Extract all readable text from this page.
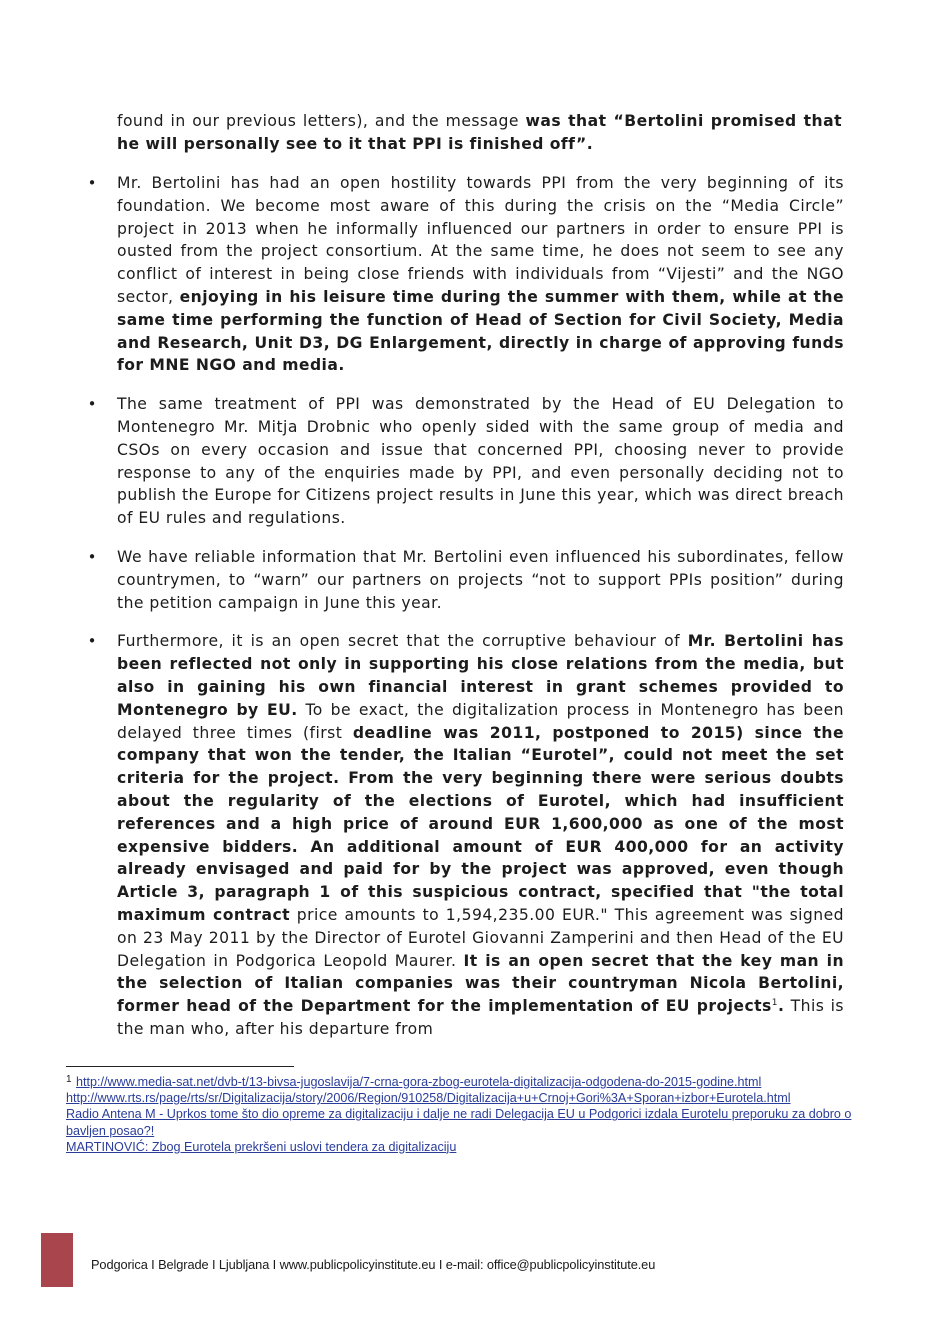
found in our previous letters), and the message was that “Bertolini promised that he will personally see to it that PPI is finished off”.

• Mr. Bertolini has had an open hostility towards PPI from the very beginning of its foundation. We become most aware of this during the crisis on the “Media Circle” project in 2013 when he informally influenced our partners in order to ensure PPI is ousted from the project consortium. At the same time, he does not seem to see any conflict of interest in being close friends with individuals from “Vijesti” and the NGO sector, enjoying in his leisure time during the summer with them, while at the same time performing the function of Head of Section for Civil Society, Media and Research, Unit D3, DG Enlargement, directly in charge of approving funds for MNE NGO and media.

• The same treatment of PPI was demonstrated by the Head of EU Delegation to Montenegro Mr. Mitja Drobnic who openly sided with the same group of media and CSOs on every occasion and issue that concerned PPI, choosing never to provide response to any of the enquiries made by PPI, and even personally deciding not to publish the Europe for Citizens project results in June this year, which was direct breach of EU rules and regulations.

• We have reliable information that Mr. Bertolini even influenced his subordinates, fellow countrymen, to “warn” our partners on projects “not to support PPIs position” during the petition campaign in June this year.

• Furthermore, it is an open secret that the corruptive behaviour of Mr. Bertolini has been reflected not only in supporting his close relations from the media, but also in gaining his own financial interest in grant schemes provided to Montenegro by EU. To be exact, the digitalization process in Montenegro has been delayed three times (first deadline was 2011, postponed to 2015) since the company that won the tender, the Italian “Eurotel”, could not meet the set criteria for the project. From the very beginning there were serious doubts about the regularity of the elections of Eurotel, which had insufficient references and a high price of around EUR 1,600,000 as one of the most expensive bidders. An additional amount of EUR 400,000 for an activity already envisaged and paid for by the project was approved, even though Article 3, paragraph 1 of this suspicious contract, specified that "the total maximum contract price amounts to 1,594,235.00 EUR." This agreement was signed on 23 May 2011 by the Director of Eurotel Giovanni Zamperini and then Head of the EU Delegation in Podgorica Leopold Maurer. It is an open secret that the key man in the selection of Italian companies was their countryman Nicola Bertolini, former head of the Department for the implementation of EU projects$^1$. This is the man who, after his departure from

1 http://www.media-sat.net/dvb-t/13-bivsa-jugoslavija/7-crna-gora-zbog-eurotela-digitalizacija-odgodena-do-2015-godine.html
http://www.rts.rs/page/rts/sr/Digitalizacija/story/2006/Region/910258/Digitalizacija+u+Crnoj+Gori%3A+Sporan+izbor+Eurotela.html
Radio Antena M - Uprkos tome što dio opreme za digitalizaciju i dalje ne radi Delegacija EU u Podgorici izdala Eurotelu preporuku za dobro obavljen posao?!
MARTINOVIĆ: Zbog Eurotela prekršeni uslovi tendera za digitalizaciju
Podgorica I Belgrade I Ljubljana I www.publicpolicyinstitute.eu I e-mail: office@publicpolicyinstitute.eu
